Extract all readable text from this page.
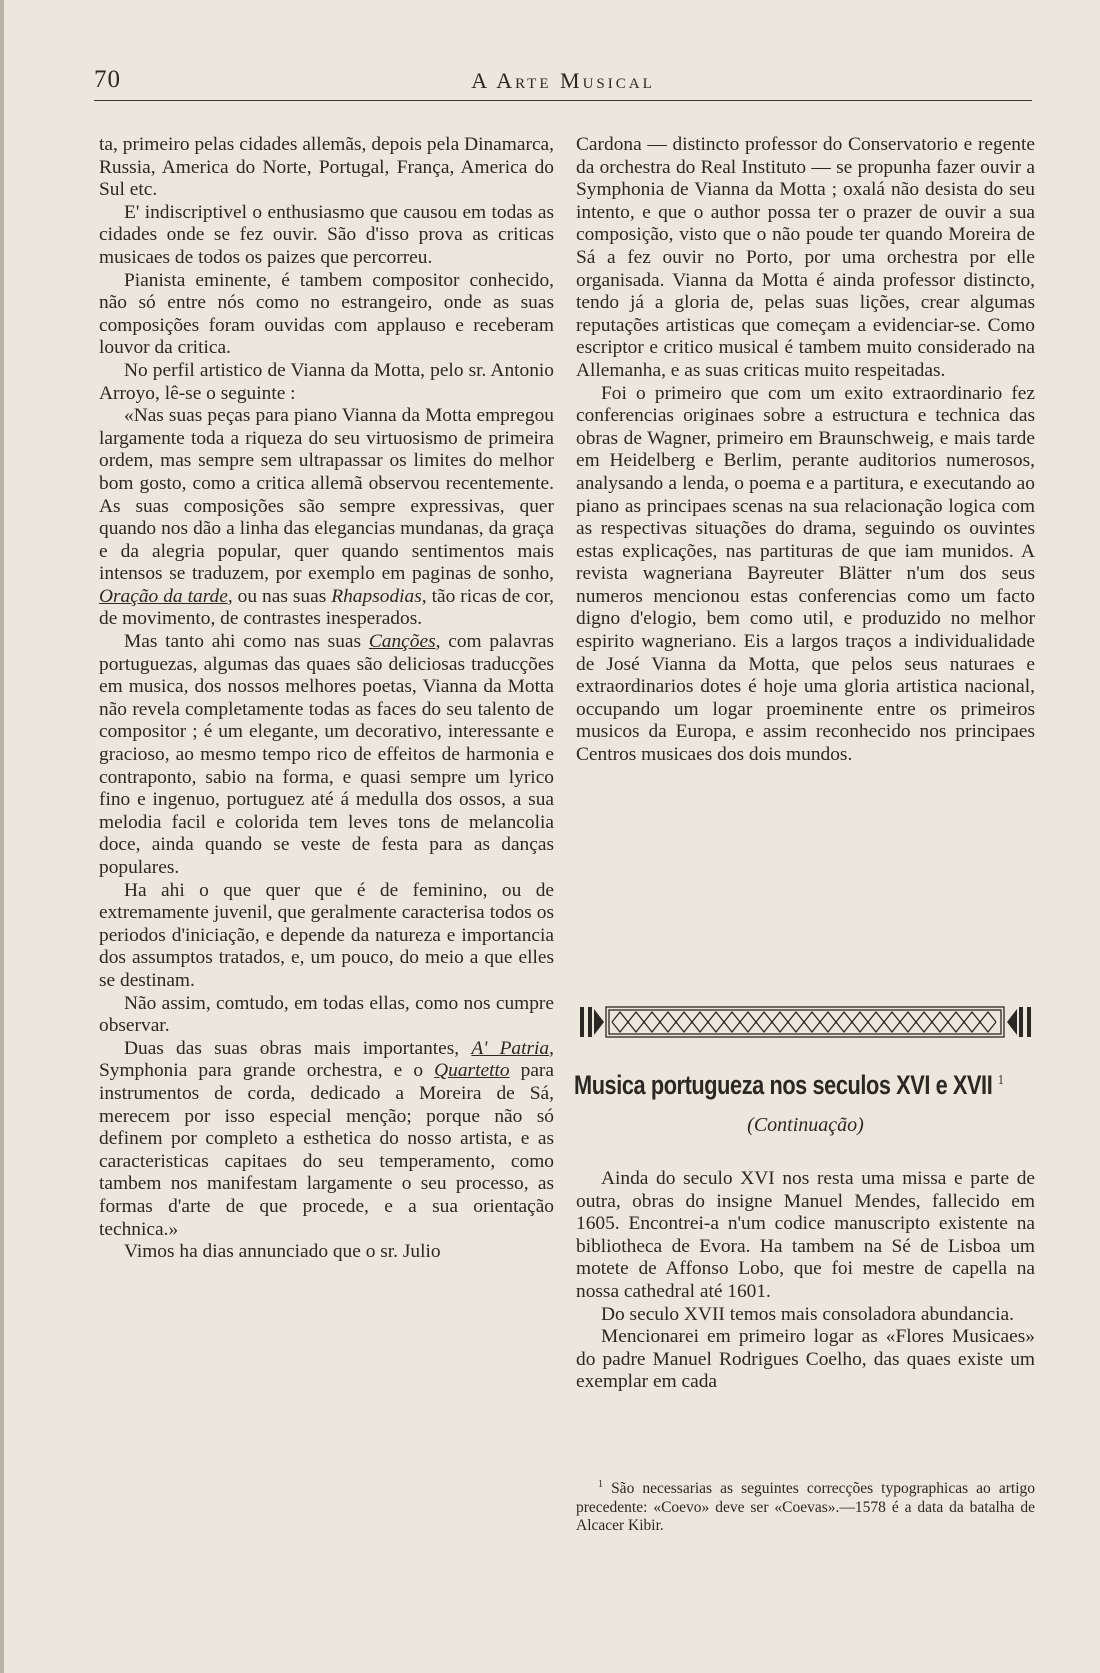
70	A Arte Musical

ta, primeiro pelas cidades allemãs, depois pela Dinamarca, Russia, America do Norte, Portugal, França, America do Sul etc.

E' indiscriptivel o enthusiasmo que causou em todas as cidades onde se fez ouvir. São d'isso prova as criticas musicaes de todos os paizes que percorreu.

Pianista eminente, é tambem compositor conhecido, não só entre nós como no estrangeiro, onde as suas composições foram ouvidas com applauso e receberam louvor da critica.

No perfil artistico de Vianna da Motta, pelo sr. Antonio Arroyo, lê-se o seguinte :

«Nas suas peças para piano Vianna da Motta empregou largamente toda a riqueza do seu virtuosismo de primeira ordem, mas sempre sem ultrapassar os limites do melhor bom gosto, como a critica allemã observou recentemente. As suas composições são sempre expressivas, quer quando nos dão a linha das elegancias mundanas, da graça e da alegria popular, quer quando sentimentos mais intensos se traduzem, por exemplo em paginas de sonho, Oração da tarde, ou nas suas Rhapsodias, tão ricas de cor, de movimento, de contrastes inesperados.

Mas tanto ahi como nas suas Canções, com palavras portuguezas, algumas das quaes são deliciosas traducções em musica, dos nossos melhores poetas, Vianna da Motta não revela completamente todas as faces do seu talento de compositor ; é um elegante, um decorativo, interessante e gracioso, ao mesmo tempo rico de effeitos de harmonia e contraponto, sabio na forma, e quasi sempre um lyrico fino e ingenuo, portuguez até á medulla dos ossos, a sua melodia facil e colorida tem leves tons de melancolia doce, ainda quando se veste de festa para as danças populares.

Ha ahi o que quer que é de feminino, ou de extremamente juvenil, que geralmente caracterisa todos os periodos d'iniciação, e depende da natureza e importancia dos assumptos tratados, e, um pouco, do meio a que elles se destinam.

Não assim, comtudo, em todas ellas, como nos cumpre observar.

Duas das suas obras mais importantes, A' Patria, Symphonia para grande orchestra, e o Quartetto para instrumentos de corda, dedicado a Moreira de Sá, merecem por isso especial menção; porque não só definem por completo a esthetica do nosso artista, e as caracteristicas capitaes do seu temperamento, como tambem nos manifestam largamente o seu processo, as formas d'arte de que procede, e a sua orientação technica.»

Vimos ha dias annunciado que o sr. Julio

Cardona — distincto professor do Conservatorio e regente da orchestra do Real Instituto — se propunha fazer ouvir a Symphonia de Vianna da Motta ; oxalá não desista do seu intento, e que o author possa ter o prazer de ouvir a sua composição, visto que o não poude ter quando Moreira de Sá a fez ouvir no Porto, por uma orchestra por elle organisada. Vianna da Motta é ainda professor distincto, tendo já a gloria de, pelas suas lições, crear algumas reputações artisticas que começam a evidenciar-se. Como escriptor e critico musical é tambem muito considerado na Allemanha, e as suas criticas muito respeitadas.

Foi o primeiro que com um exito extraordinario fez conferencias originaes sobre a estructura e technica das obras de Wagner, primeiro em Braunschweig, e mais tarde em Heidelberg e Berlim, perante auditorios numerosos, analysando a lenda, o poema e a partitura, e executando ao piano as principaes scenas na sua relacionação logica com as respectivas situações do drama, seguindo os ouvintes estas explicações, nas partituras de que iam munidos. A revista wagneriana Bayreuter Blätter n'um dos seus numeros mencionou estas conferencias como um facto digno d'elogio, bem como util, e produzido no melhor espirito wagneriano. Eis a largos traços a individualidade de José Vianna da Motta, que pelos seus naturaes e extraordinarios dotes é hoje uma gloria artistica nacional, occupando um logar proeminente entre os primeiros musicos da Europa, e assim reconhecido nos principaes Centros musicaes dos dois mundos.

Musica portugueza nos seculos XVI e XVII $^1$
(Continuação)

Ainda do seculo XVI nos resta uma missa e parte de outra, obras do insigne Manuel Mendes, fallecido em 1605. Encontrei-a n'um codice manuscripto existente na bibliotheca de Evora. Ha tambem na Sé de Lisboa um motete de Affonso Lobo, que foi mestre de capella na nossa cathedral até 1601.

Do seculo XVII temos mais consoladora abundancia.

Mencionarei em primeiro logar as «Flores Musicaes» do padre Manuel Rodrigues Coelho, das quaes existe um exemplar em cada

$^1$ São necessarias as seguintes correcções typographicas ao artigo precedente: «Coevo» deve ser «Coevas».—1578 é a data da batalha de Alcacer Kibir.
